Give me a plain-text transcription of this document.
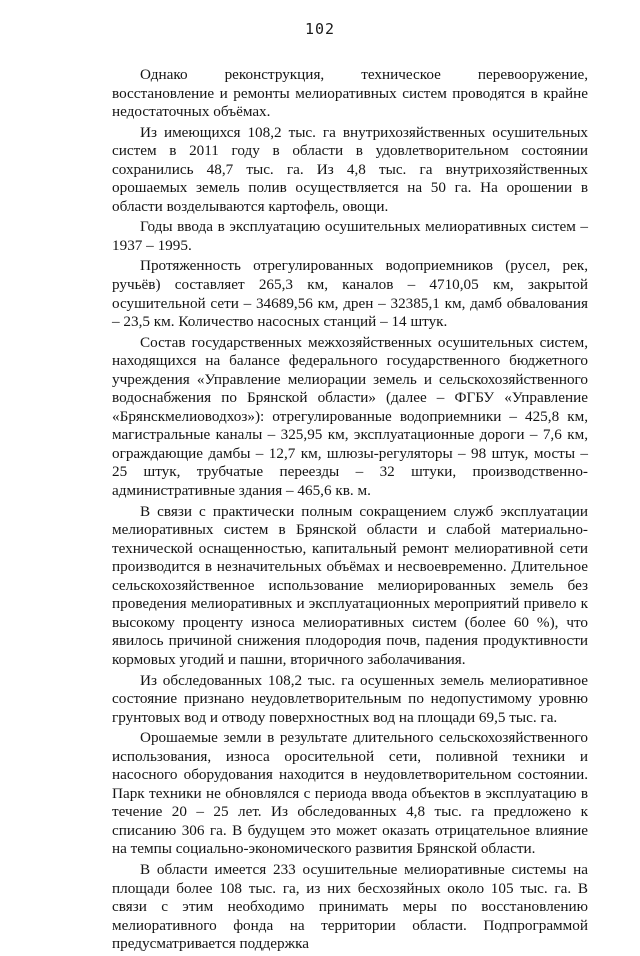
102

Однако реконструкция, техническое перевооружение, восстановление и ремонты мелиоративных систем проводятся в крайне недостаточных объёмах.

Из имеющихся 108,2 тыс. га внутрихозяйственных осушительных систем в 2011 году в области в удовлетворительном состоянии сохранились 48,7 тыс. га. Из 4,8 тыс. га внутрихозяйственных орошаемых земель полив осуществляется на 50 га. На орошении в области возделываются картофель, овощи.

Годы ввода в эксплуатацию осушительных мелиоративных систем – 1937 – 1995.

Протяженность отрегулированных водоприемников (русел, рек, ручьёв) составляет 265,3 км, каналов – 4710,05 км, закрытой осушительной сети – 34689,56 км, дрен – 32385,1 км, дамб обвалования – 23,5 км. Количество насосных станций – 14 штук.

Состав государственных межхозяйственных осушительных систем, находящихся на балансе федерального государственного бюджетного учреждения «Управление мелиорации земель и сельскохозяйственного водоснабжения по Брянской области» (далее – ФГБУ «Управление «Брянскмелиоводхоз»): отрегулированные водоприемники – 425,8 км, магистральные каналы – 325,95 км, эксплуатационные дороги – 7,6 км, ограждающие дамбы – 12,7 км, шлюзы-регуляторы – 98 штук, мосты – 25 штук, трубчатые переезды – 32 штуки, производственно-административные здания – 465,6 кв. м.

В связи с практически полным сокращением служб эксплуатации мелиоративных систем в Брянской области и слабой материально-технической оснащенностью, капитальный ремонт мелиоративной сети производится в незначительных объёмах и несвоевременно. Длительное сельскохозяйственное использование мелиорированных земель без проведения мелиоративных и эксплуатационных мероприятий привело к высокому проценту износа мелиоративных систем (более 60 %), что явилось причиной снижения плодородия почв, падения продуктивности кормовых угодий и пашни, вторичного заболачивания.

Из обследованных 108,2 тыс. га осушенных земель мелиоративное состояние признано неудовлетворительным по недопустимому уровню грунтовых вод и отводу поверхностных вод на площади 69,5 тыс. га.

Орошаемые земли в результате длительного сельскохозяйственного использования, износа оросительной сети, поливной техники и насосного оборудования находится в неудовлетворительном состоянии. Парк техники не обновлялся с периода ввода объектов в эксплуатацию в течение 20 – 25 лет. Из обследованных 4,8 тыс. га предложено к списанию 306 га. В будущем это может оказать отрицательное влияние на темпы социально-экономического развития Брянской области.

В области имеется 233 осушительные мелиоративные системы на площади более 108 тыс. га, из них бесхозяйных около 105 тыс. га. В связи с этим необходимо принимать меры по восстановлению мелиоративного фонда на территории области. Подпрограммой предусматривается поддержка
